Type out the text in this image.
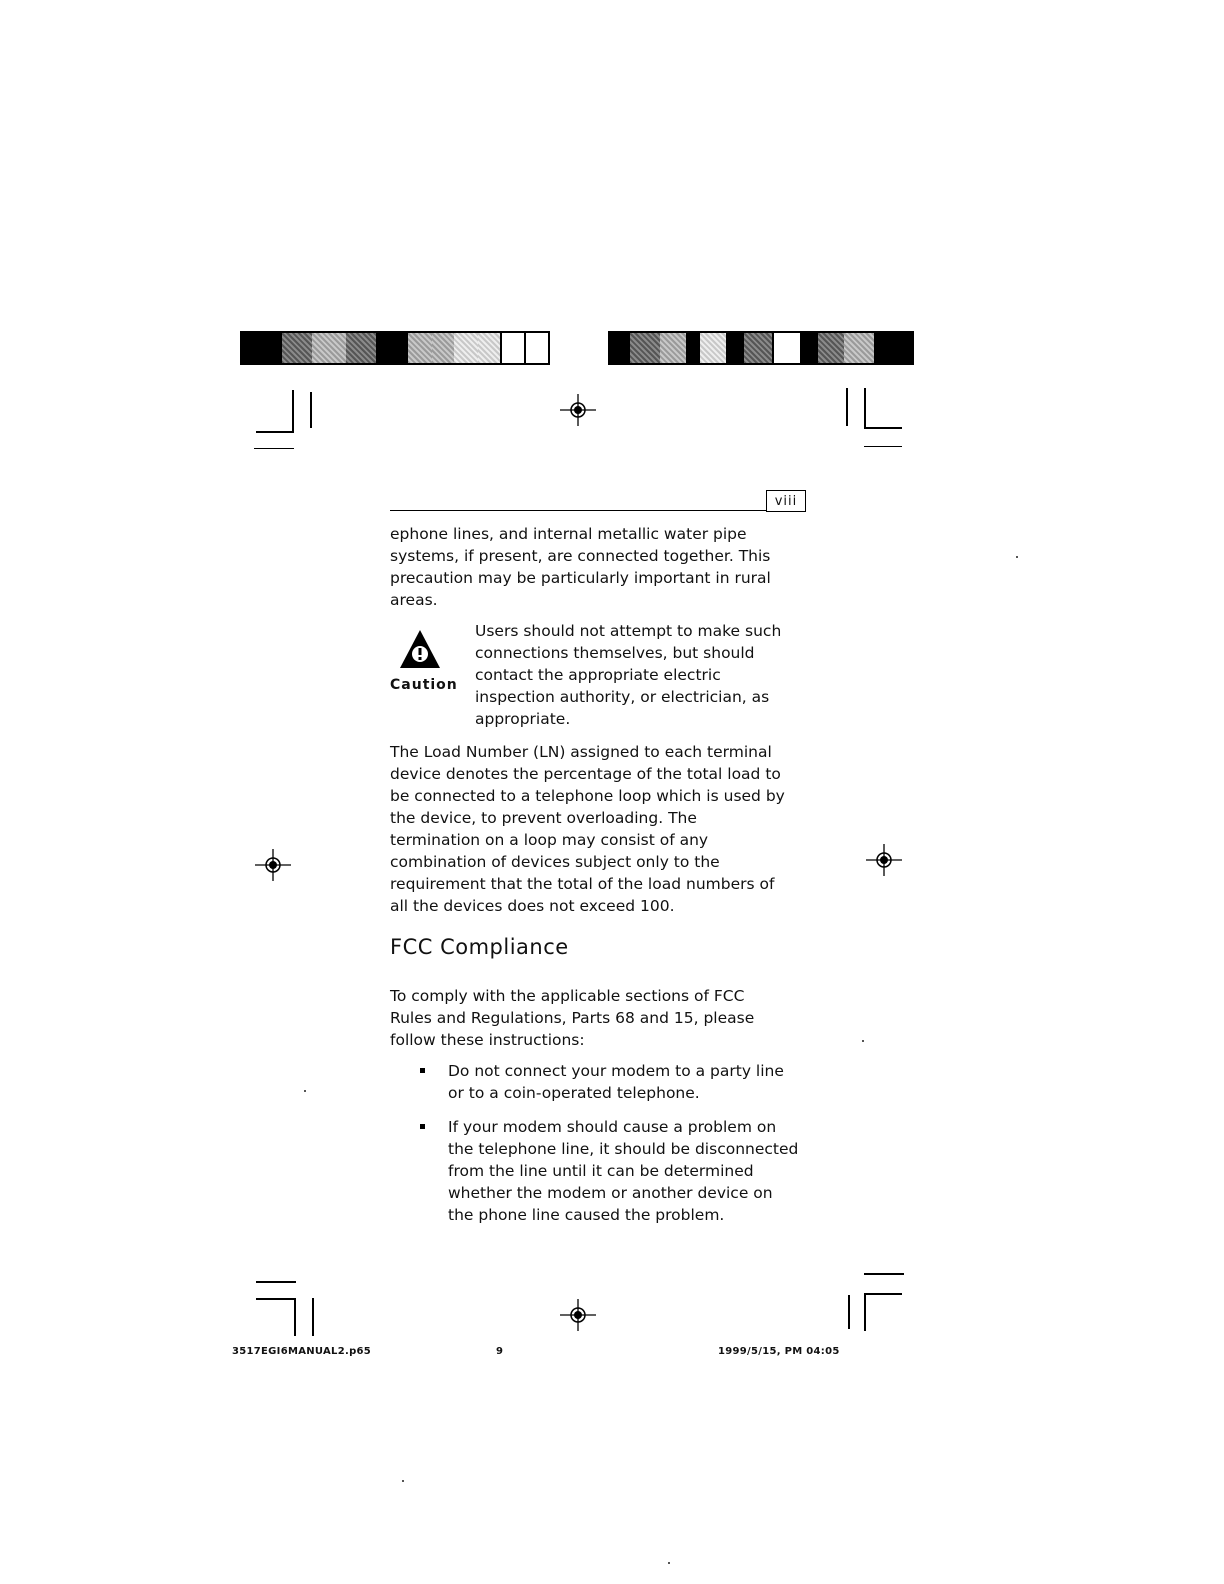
viii

ephone lines, and internal metallic water pipe systems, if present, are connected together. This precaution may be particularly important in rural areas.

Caution

Users should not attempt to make such connections themselves, but should contact the appropriate electric inspection authority, or electrician, as appropriate.

The Load Number (LN) assigned to each terminal device denotes the percentage of the total load to be connected to a telephone loop which is used by the device, to prevent overloading. The termination on a loop may consist of any combination of devices subject only to the requirement that the total of the load numbers of all the devices does not exceed 100.

FCC Compliance

To comply with the applicable sections of FCC Rules and Regulations, Parts 68 and 15, please follow these instructions:

Do not connect your modem to a party line or to a coin-operated telephone.
If your modem should cause a problem on the telephone line, it should be disconnected from the line until it can be determined whether the modem or another device on the phone line caused the problem.
3517EGI6MANUAL2.p65	9	1999/5/15, PM 04:05
